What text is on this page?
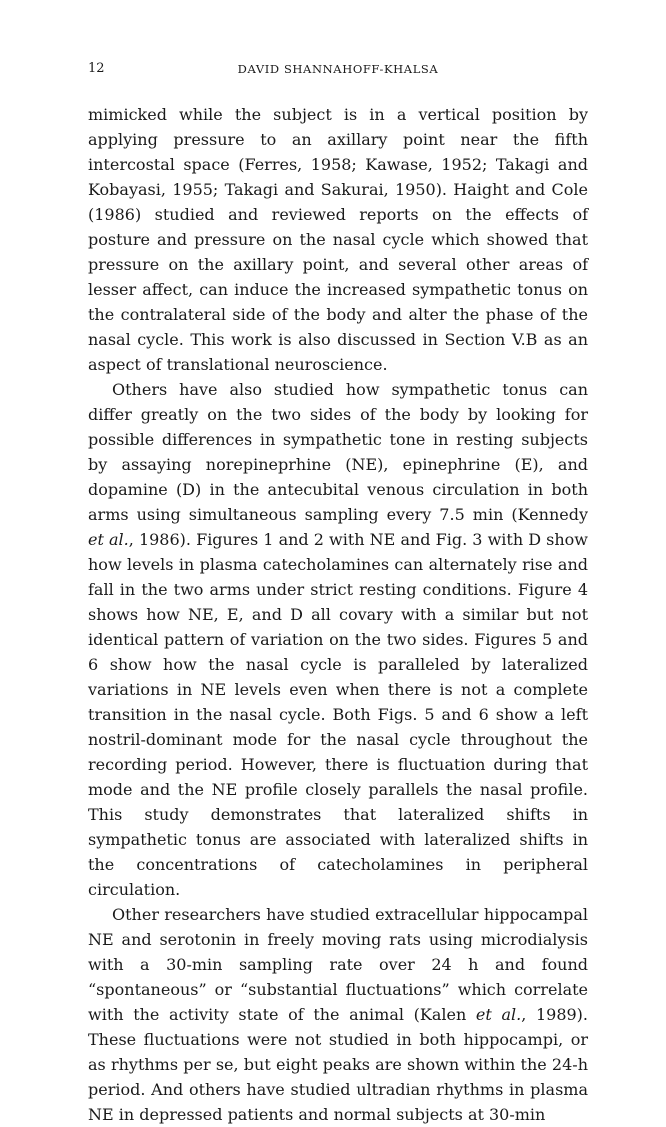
12	DAVID SHANNAHOFF-KHALSA

mimicked while the subject is in a vertical position by applying pressure to an axillary point near the fifth intercostal space (Ferres, 1958; Kawase, 1952; Takagi and Kobayasi, 1955; Takagi and Sakurai, 1950). Haight and Cole (1986) studied and reviewed reports on the effects of posture and pressure on the nasal cycle which showed that pressure on the axillary point, and several other areas of lesser affect, can induce the increased sympathetic tonus on the contralateral side of the body and alter the phase of the nasal cycle. This work is also discussed in Section V.B as an aspect of translational neuroscience.

Others have also studied how sympathetic tonus can differ greatly on the two sides of the body by looking for possible differences in sympathetic tone in resting subjects by assaying norepineprhine (NE), epinephrine (E), and dopamine (D) in the antecubital venous circulation in both arms using simultaneous sampling every 7.5 min (Kennedy et al., 1986). Figures 1 and 2 with NE and Fig. 3 with D show how levels in plasma catecholamines can alternately rise and fall in the two arms under strict resting conditions. Figure 4 shows how NE, E, and D all covary with a similar but not identical pattern of variation on the two sides. Figures 5 and 6 show how the nasal cycle is paralleled by lateralized variations in NE levels even when there is not a complete transition in the nasal cycle. Both Figs. 5 and 6 show a left nostril-dominant mode for the nasal cycle throughout the recording period. However, there is fluctuation during that mode and the NE profile closely parallels the nasal profile. This study demonstrates that lateralized shifts in sympathetic tonus are associated with lateralized shifts in the concentrations of catecholamines in peripheral circulation.

Other researchers have studied extracellular hippocampal NE and serotonin in freely moving rats using microdialysis with a 30-min sampling rate over 24 h and found “spontaneous” or “substantial fluctuations” which correlate with the activity state of the animal (Kalen et al., 1989). These fluctuations were not studied in both hippocampi, or as rhythms per se, but eight peaks are shown within the 24-h period. And others have studied ultradian rhythms in plasma NE in depressed patients and normal subjects at 30-min
